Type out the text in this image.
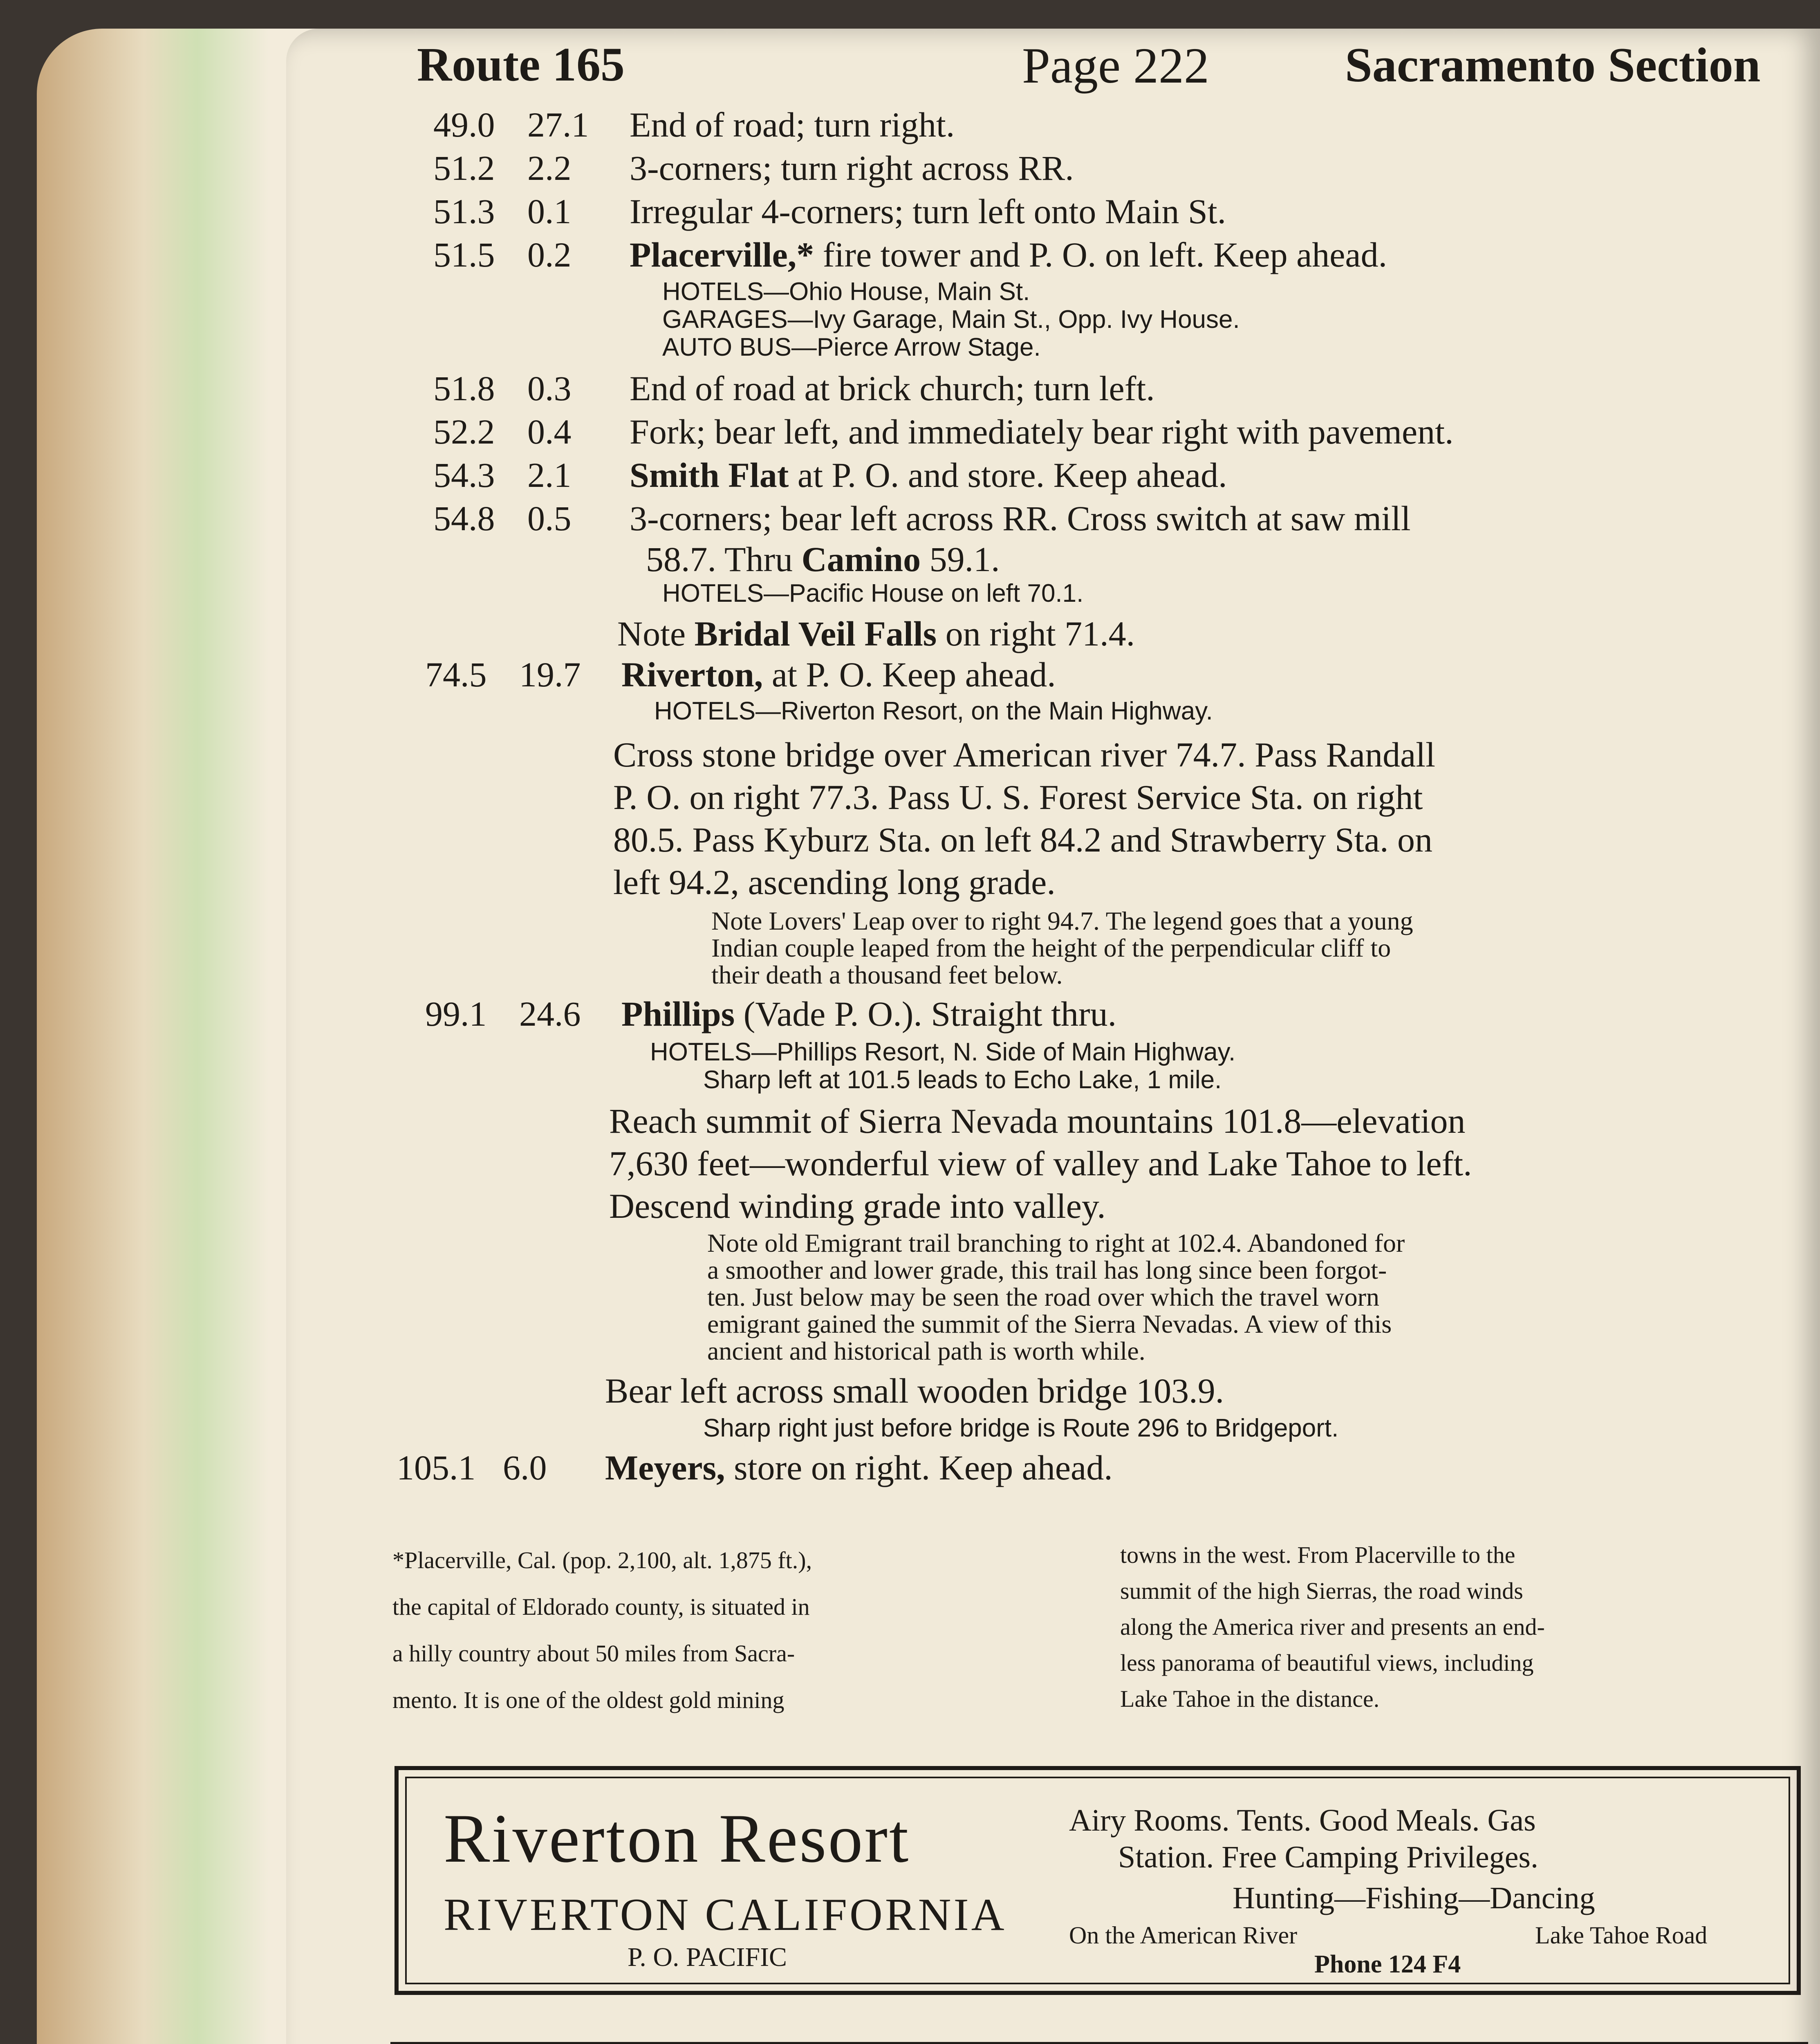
Route 165	Page 222	Sacramento Section
49.0 27.1 End of road; turn right.
51.2 2.2 3-corners; turn right across RR.
51.3 0.1 Irregular 4-corners; turn left onto Main St.
51.5 0.2 Placerville,* fire tower and P. O. on left. Keep ahead.
HOTELS—Ohio House, Main St.
GARAGES—Ivy Garage, Main St., Opp. Ivy House.
AUTO BUS—Pierce Arrow Stage.
51.8 0.3 End of road at brick church; turn left.
52.2 0.4 Fork; bear left, and immediately bear right with pavement.
54.3 2.1 Smith Flat at P. O. and store. Keep ahead.
54.8 0.5 3-corners; bear left across RR. Cross switch at saw mill
58.7. Thru Camino 59.1.
HOTELS—Pacific House on left 70.1.
Note Bridal Veil Falls on right 71.4.
74.5 19.7 Riverton, at P. O. Keep ahead.
HOTELS—Riverton Resort, on the Main Highway.
Cross stone bridge over American river 74.7. Pass Randall
P. O. on right 77.3. Pass U. S. Forest Service Sta. on right
80.5. Pass Kyburz Sta. on left 84.2 and Strawberry Sta. on
left 94.2, ascending long grade.
Note Lovers' Leap over to right 94.7. The legend goes that a young
Indian couple leaped from the height of the perpendicular cliff to
their death a thousand feet below.
99.1 24.6 Phillips (Vade P. O.). Straight thru.
HOTELS—Phillips Resort, N. Side of Main Highway.
Sharp left at 101.5 leads to Echo Lake, 1 mile.
Reach summit of Sierra Nevada mountains 101.8—elevation
7,630 feet—wonderful view of valley and Lake Tahoe to left.
Descend winding grade into valley.
Note old Emigrant trail branching to right at 102.4. Abandoned for
a smoother and lower grade, this trail has long since been forgot-
ten. Just below may be seen the road over which the travel worn
emigrant gained the summit of the Sierra Nevadas. A view of this
ancient and historical path is worth while.
Bear left across small wooden bridge 103.9.
Sharp right just before bridge is Route 296 to Bridgeport.
105.1 6.0 Meyers, store on right. Keep ahead.
*Placerville, Cal. (pop. 2,100, alt. 1,875 ft.),
the capital of Eldorado county, is situated in
a hilly country about 50 miles from Sacra-
mento. It is one of the oldest gold mining
towns in the west. From Placerville to the
summit of the high Sierras, the road winds
along the America river and presents an end-
less panorama of beautiful views, including
Lake Tahoe in the distance.
Riverton Resort
RIVERTON CALIFORNIA
P. O. PACIFIC
Airy Rooms. Tents. Good Meals. Gas
Station. Free Camping Privileges.
Hunting—Fishing—Dancing
On the American River	Lake Tahoe Road
Phone 124 F4
